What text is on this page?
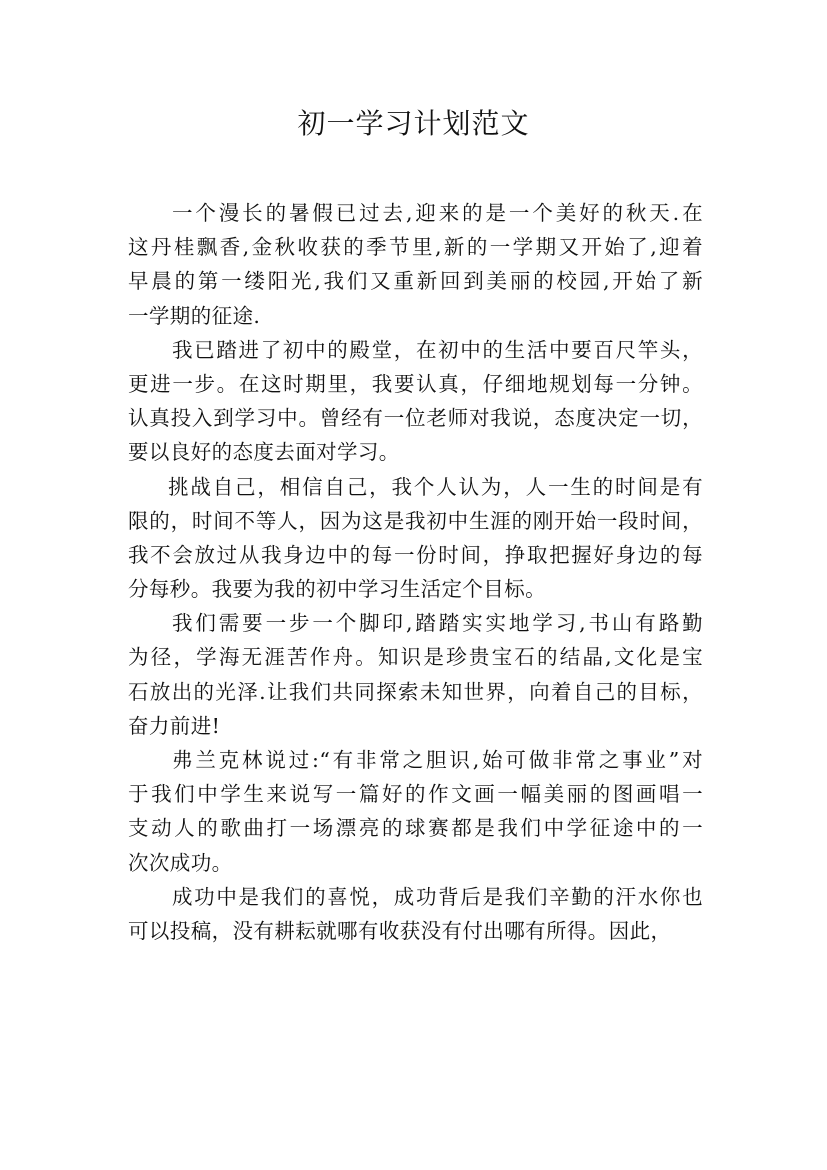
初一学习计划范文
一个漫长的暑假已过去,迎来的是一个美好的秋天.在
这丹桂飘香,金秋收获的季节里,新的一学期又开始了,迎着
早晨的第一缕阳光,我们又重新回到美丽的校园,开始了新
一学期的征途.
我已踏进了初中的殿堂，在初中的生活中要百尺竿头，
更进一步。在这时期里，我要认真，仔细地规划每一分钟。
认真投入到学习中。曾经有一位老师对我说，态度决定一切，
要以良好的态度去面对学习。
挑战自己，相信自己，我个人认为，人一生的时间是有
限的，时间不等人，因为这是我初中生涯的刚开始一段时间，
我不会放过从我身边中的每一份时间，挣取把握好身边的每
分每秒。我要为我的初中学习生活定个目标。
我们需要一步一个脚印,踏踏实实地学习,书山有路勤
为径，学海无涯苦作舟。知识是珍贵宝石的结晶,文化是宝
石放出的光泽.让我们共同探索未知世界，向着自己的目标，
奋力前进!
弗兰克林说过:“有非常之胆识,始可做非常之事业”对
于我们中学生来说写一篇好的作文画一幅美丽的图画唱一
支动人的歌曲打一场漂亮的球赛都是我们中学征途中的一
次次成功。
成功中是我们的喜悦，成功背后是我们辛勤的汗水你也
可以投稿，没有耕耘就哪有收获没有付出哪有所得。因此，
